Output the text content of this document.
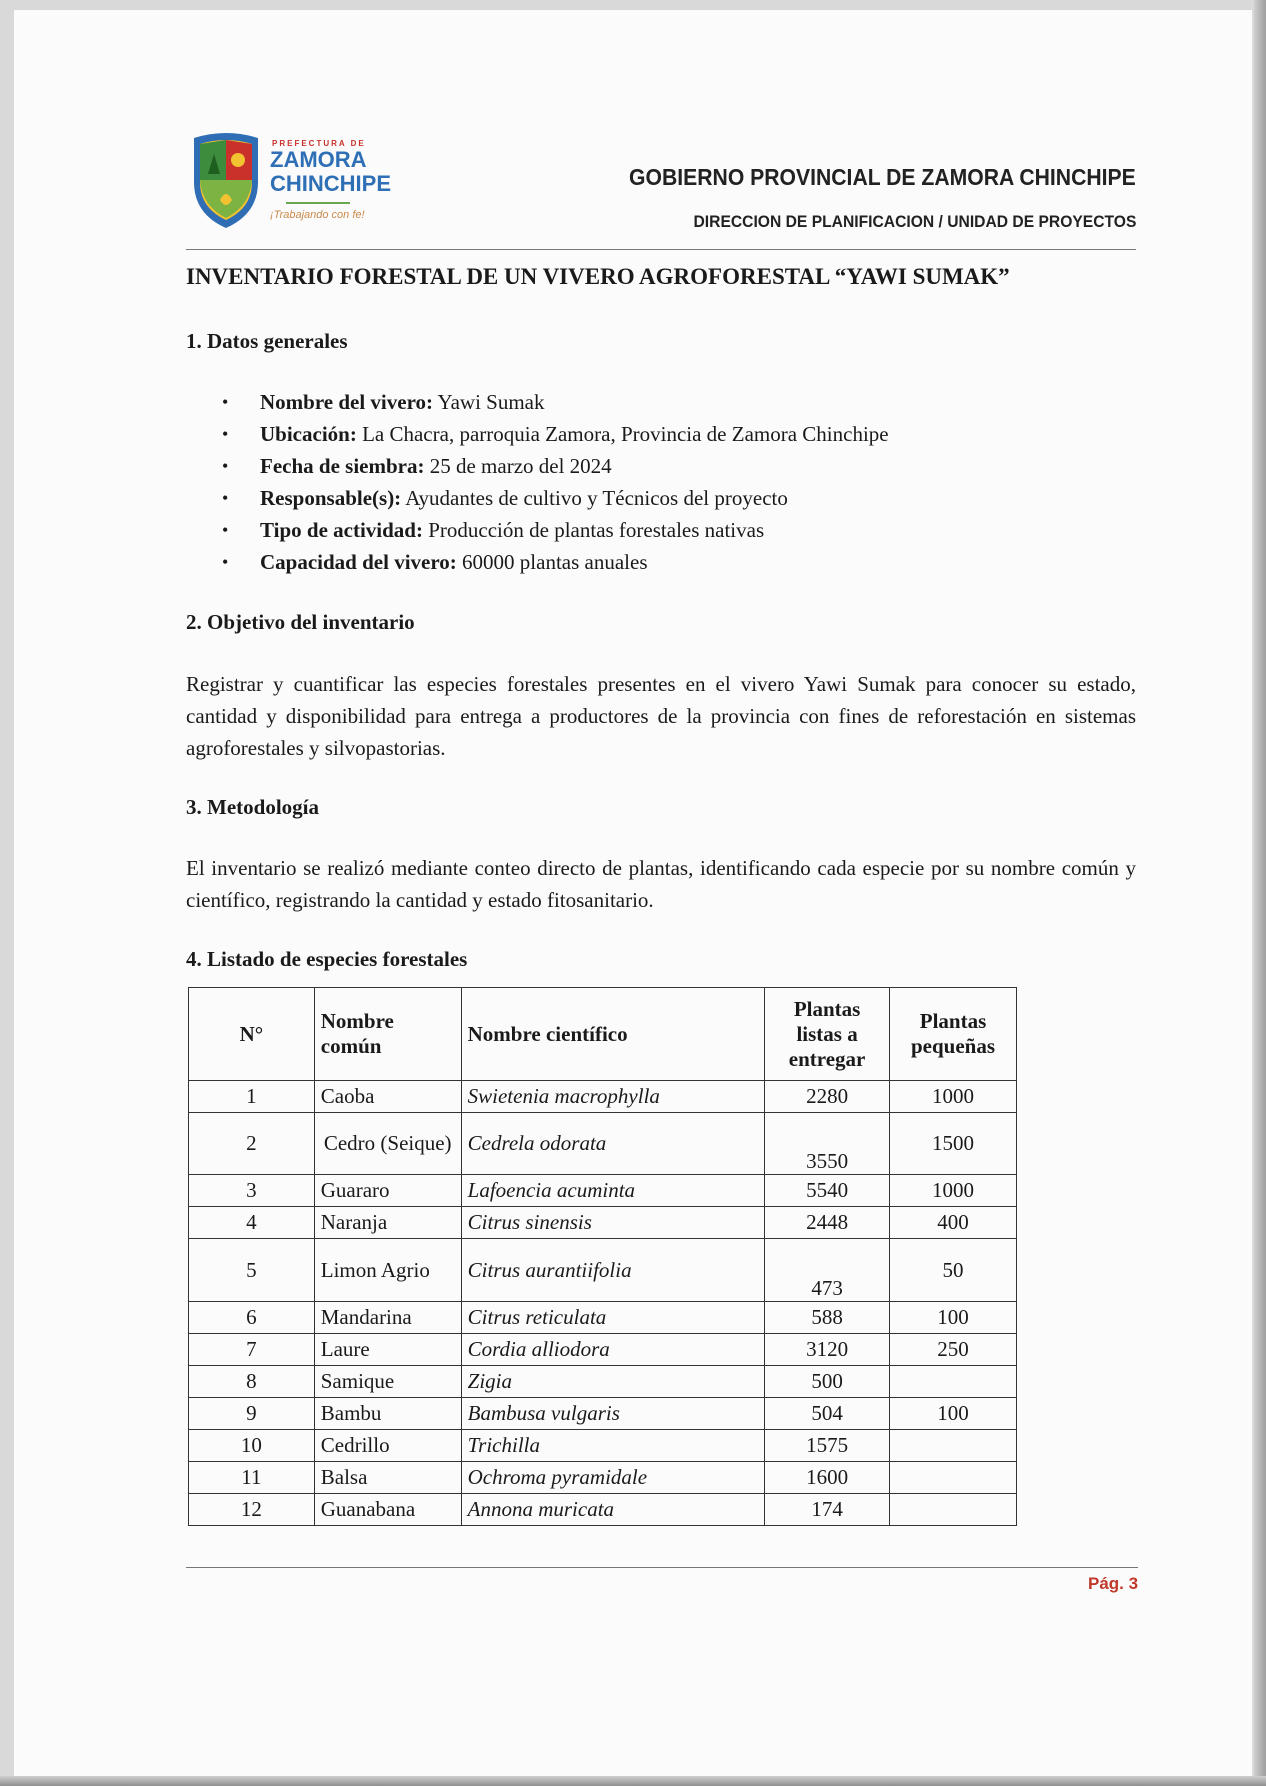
PREFECTURA DE
ZAMORA
CHINCHIPE
¡Trabajando con fe!
GOBIERNO PROVINCIAL DE ZAMORA CHINCHIPE
DIRECCION DE PLANIFICACION / UNIDAD DE PROYECTOS
INVENTARIO FORESTAL DE UN VIVERO AGROFORESTAL “YAWI SUMAK”
1. Datos generales
• Nombre del vivero: Yawi Sumak
• Ubicación: La Chacra, parroquia Zamora, Provincia de Zamora Chinchipe
• Fecha de siembra: 25 de marzo del 2024
• Responsable(s): Ayudantes de cultivo y Técnicos del proyecto
• Tipo de actividad: Producción de plantas forestales nativas
• Capacidad del vivero: 60000 plantas anuales
2. Objetivo del inventario
Registrar y cuantificar las especies forestales presentes en el vivero Yawi Sumak para conocer su estado, cantidad y disponibilidad para entrega a productores de la provincia con fines de reforestación en sistemas agroforestales y silvopastorias.
3. Metodología
El inventario se realizó mediante conteo directo de plantas, identificando cada especie por su nombre común y científico, registrando la cantidad y estado fitosanitario.
4. Listado de especies forestales
N°	Nombre común	Nombre científico	Plantas listas a entregar	Plantas pequeñas
1	Caoba	Swietenia macrophylla	2280	1000
2	Cedro (Seique)	Cedrela odorata	3550	1500
3	Guararo	Lafoencia acuminta	5540	1000
4	Naranja	Citrus sinensis	2448	400
5	Limon Agrio	Citrus aurantiifolia	473	50
6	Mandarina	Citrus reticulata	588	100
7	Laure	Cordia alliodora	3120	250
8	Samique	Zigia	500	
9	Bambu	Bambusa vulgaris	504	100
10	Cedrillo	Trichilla	1575	
11	Balsa	Ochroma pyramidale	1600	
12	Guanabana	Annona muricata	174	
Pág. 3
